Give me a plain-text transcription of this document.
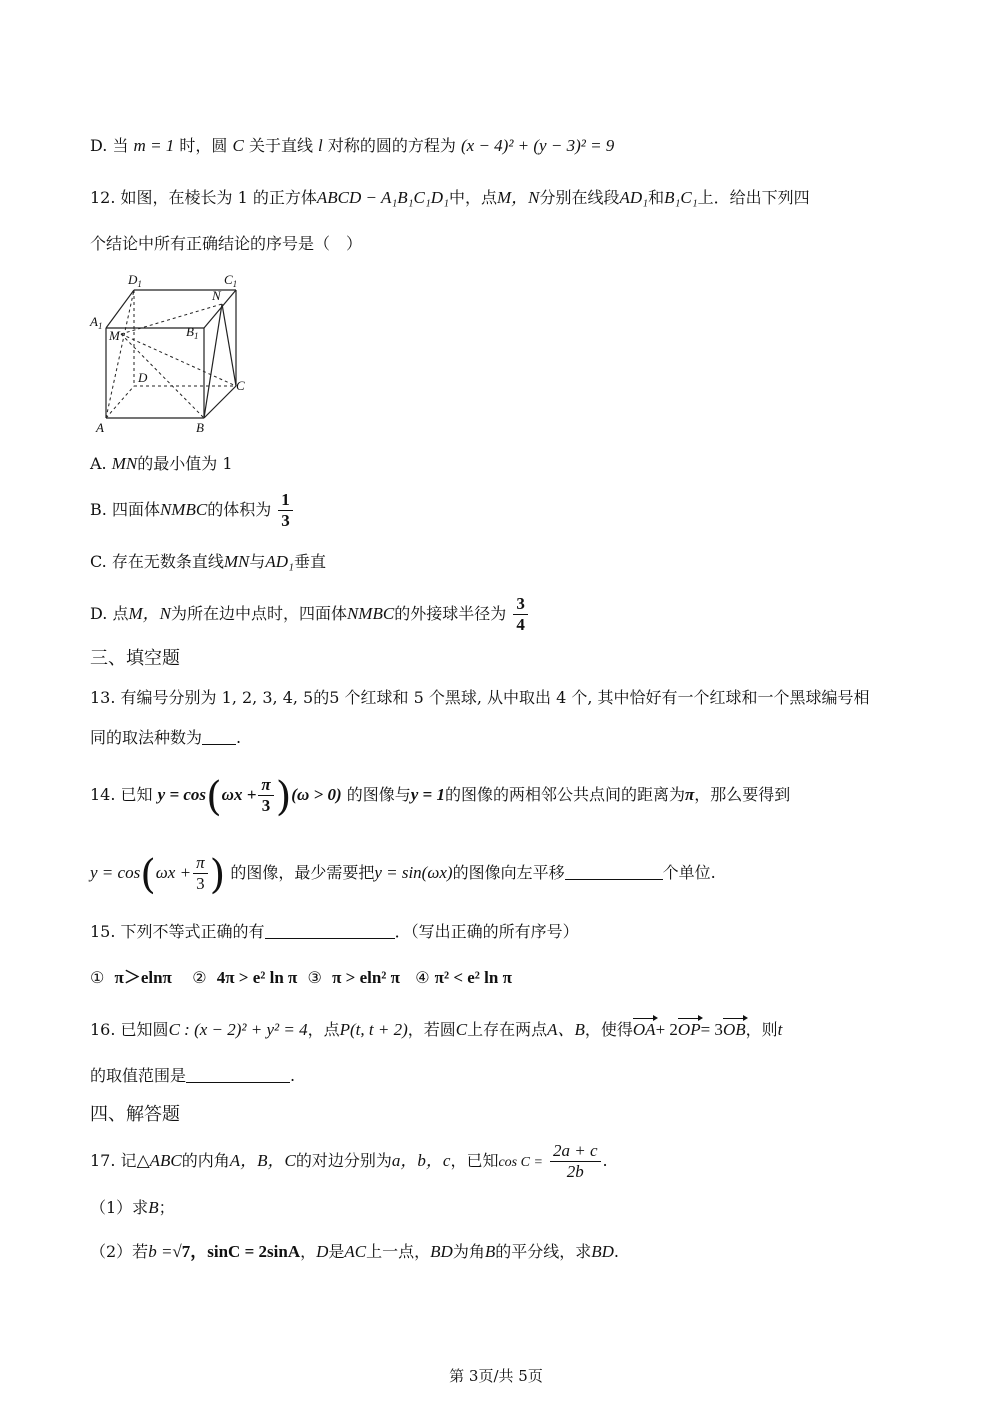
D. 当 m = 1 时，圆 C 关于直线 l 对称的圆的方程为 (x − 4)² + (y − 3)² = 9
12. 如图，在棱长为 1 的正方体ABCD − A₁B₁C₁D₁中，点M，N分别在线段AD₁和B₁C₁上．给出下列四
个结论中所有正确结论的序号是（　）
$D_1$	$C_1$
$A_1$	$B_1$
M
N
D
C
A	B
A. MN的最小值为 1
B. 四面体NMBC的体积为 $\frac{1}{3}$
C. 存在无数条直线MN与AD₁垂直
D. 点M，N为所在边中点时，四面体NMBC的外接球半径为 $\frac{3}{4}$
三、填空题
13. 有编号分别为 1, 2, 3, 4, 5的5 个红球和 5 个黑球, 从中取出 4 个, 其中恰好有一个红球和一个黑球编号相
同的取法种数为 .
14. 已知 $y = \cos(\omega x + \frac{\pi}{3} )(\omega > 0)$ 的图像与y = 1的图像的两相邻公共点间的距离为π，那么要得到
$y = \cos(\omega x + \frac{\pi}{3}$ ) 的图像，最少需要把y = sin(ωx)的图像向左平移	个单位.
15. 下列不等式正确的有	．（写出正确的所有序号）
① π＞elnπ ② 4π > e² ln π ③ π > eln² π ④ π² < e² ln π
16. 已知圆C : (x − 2)² + y² = 4，点P(t, t + 2)，若圆C上存在两点A、B，使得OA+ 2OP= 3OB，则t
的取值范围是	.
四、解答题
17. 记△ABC的内角A，B，C的对边分别为a，b，c，已知$\cos C = \frac{2a + c}{2b}$ .
（1）求B；
（2）若b =√7，sinC = 2sinA，D是AC上一点，BD为角B的平分线，求BD.
第 3页/共 5页
